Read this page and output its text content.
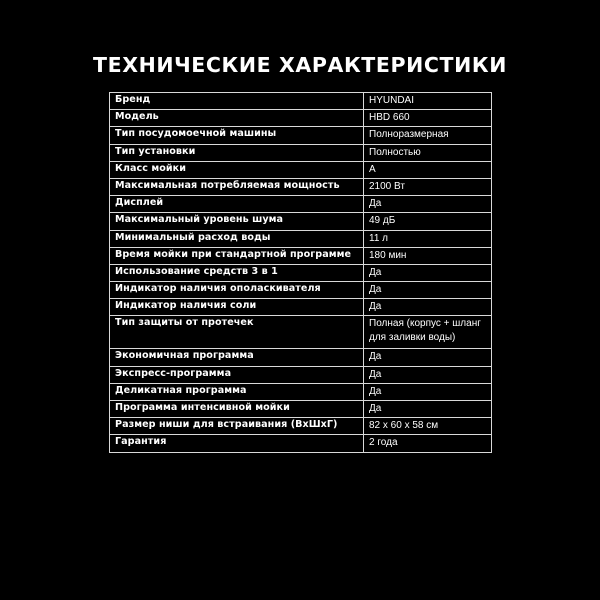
ТЕХНИЧЕСКИЕ ХАРАКТЕРИСТИКИ
Бренд	HYUNDAI
Модель	HBD 660
Тип посудомоечной машины	Полноразмерная
Тип установки	Полностью
Класс мойки	А
Максимальная потребляемая мощность	2100 Вт
Дисплей	Да
Максимальный уровень шума	49 дБ
Минимальный расход воды	11 л
Время мойки при стандартной программе	180 мин
Использование средств 3 в 1	Да
Индикатор наличия ополаскивателя	Да
Индикатор наличия соли	Да
Тип защиты от протечек	Полная (корпус + шланг для заливки воды)
Экономичная программа	Да
Экспресс-программа	Да
Деликатная программа	Да
Программа интенсивной мойки	Да
Размер ниши для встраивания (ВхШхГ)	82 х 60 х 58 см
Гарантия	2 года
